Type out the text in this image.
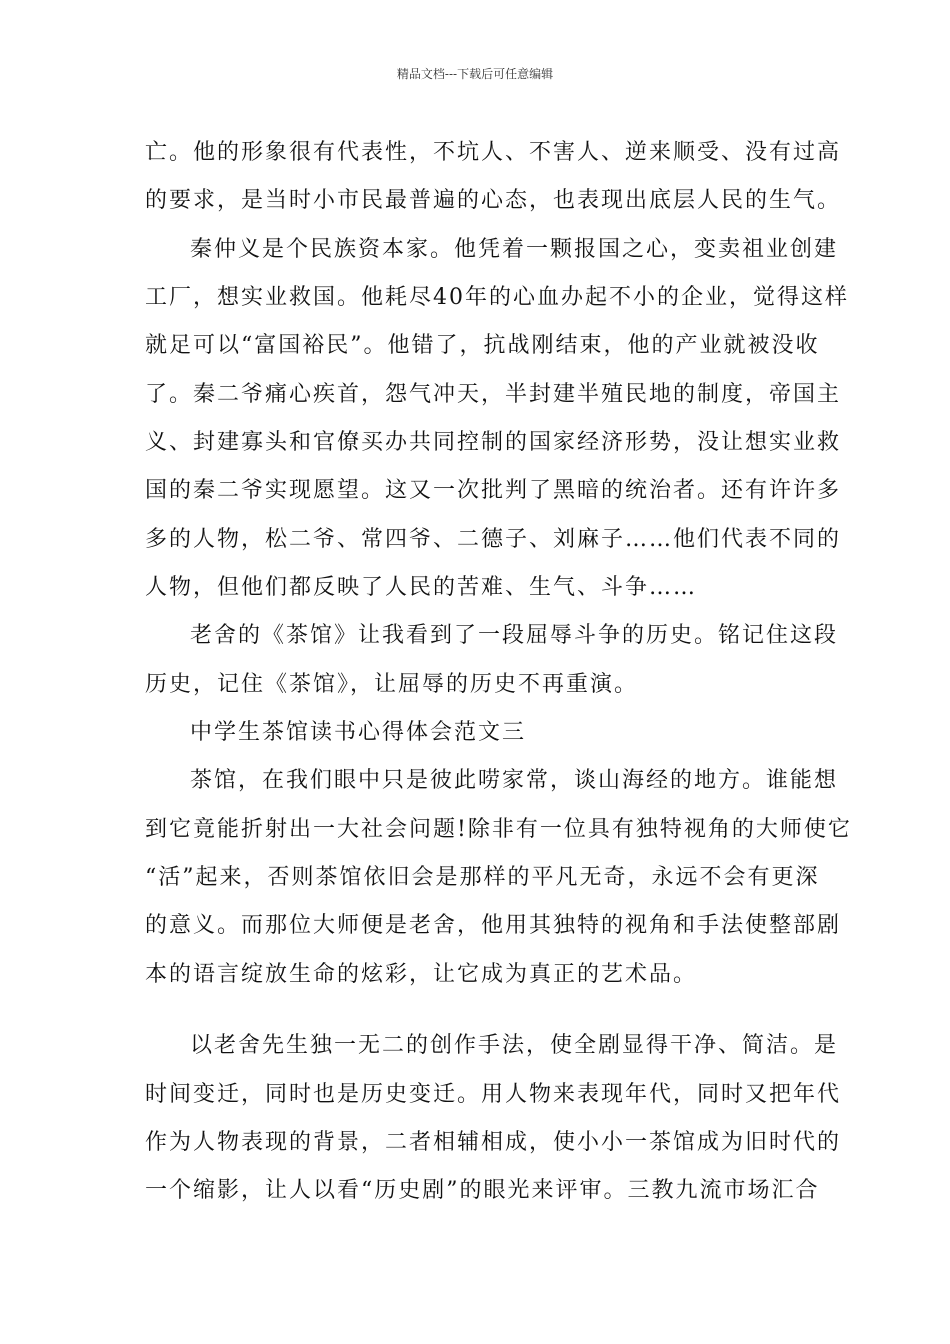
精品文档---下载后可任意编辑
亡。他的形象很有代表性，不坑人、不害人、逆来顺受、没有过高
的要求，是当时小市民最普遍的心态，也表现出底层人民的生气。
秦仲义是个民族资本家。他凭着一颗报国之心，变卖祖业创建
工厂，想实业救国。他耗尽40年的心血办起不小的企业，觉得这样
就足可以“富国裕民”。他错了，抗战刚结束，他的产业就被没收
了。秦二爷痛心疾首，怨气冲天，半封建半殖民地的制度，帝国主
义、封建寡头和官僚买办共同控制的国家经济形势，没让想实业救
国的秦二爷实现愿望。这又一次批判了黑暗的统治者。还有许许多
多的人物，松二爷、常四爷、二德子、刘麻子……他们代表不同的
人物，但他们都反映了人民的苦难、生气、斗争……
老舍的《茶馆》让我看到了一段屈辱斗争的历史。铭记住这段
历史，记住《茶馆》，让屈辱的历史不再重演。
中学生茶馆读书心得体会范文三
茶馆，在我们眼中只是彼此唠家常，谈山海经的地方。谁能想
到它竟能折射出一大社会问题!除非有一位具有独特视角的大师使它
“活”起来，否则茶馆依旧会是那样的平凡无奇，永远不会有更深
的意义。而那位大师便是老舍，他用其独特的视角和手法使整部剧
本的语言绽放生命的炫彩，让它成为真正的艺术品。
以老舍先生独一无二的创作手法，使全剧显得干净、简洁。是
时间变迁，同时也是历史变迁。用人物来表现年代，同时又把年代
作为人物表现的背景，二者相辅相成，使小小一茶馆成为旧时代的
一个缩影，让人以看“历史剧”的眼光来评审。三教九流市场汇合
